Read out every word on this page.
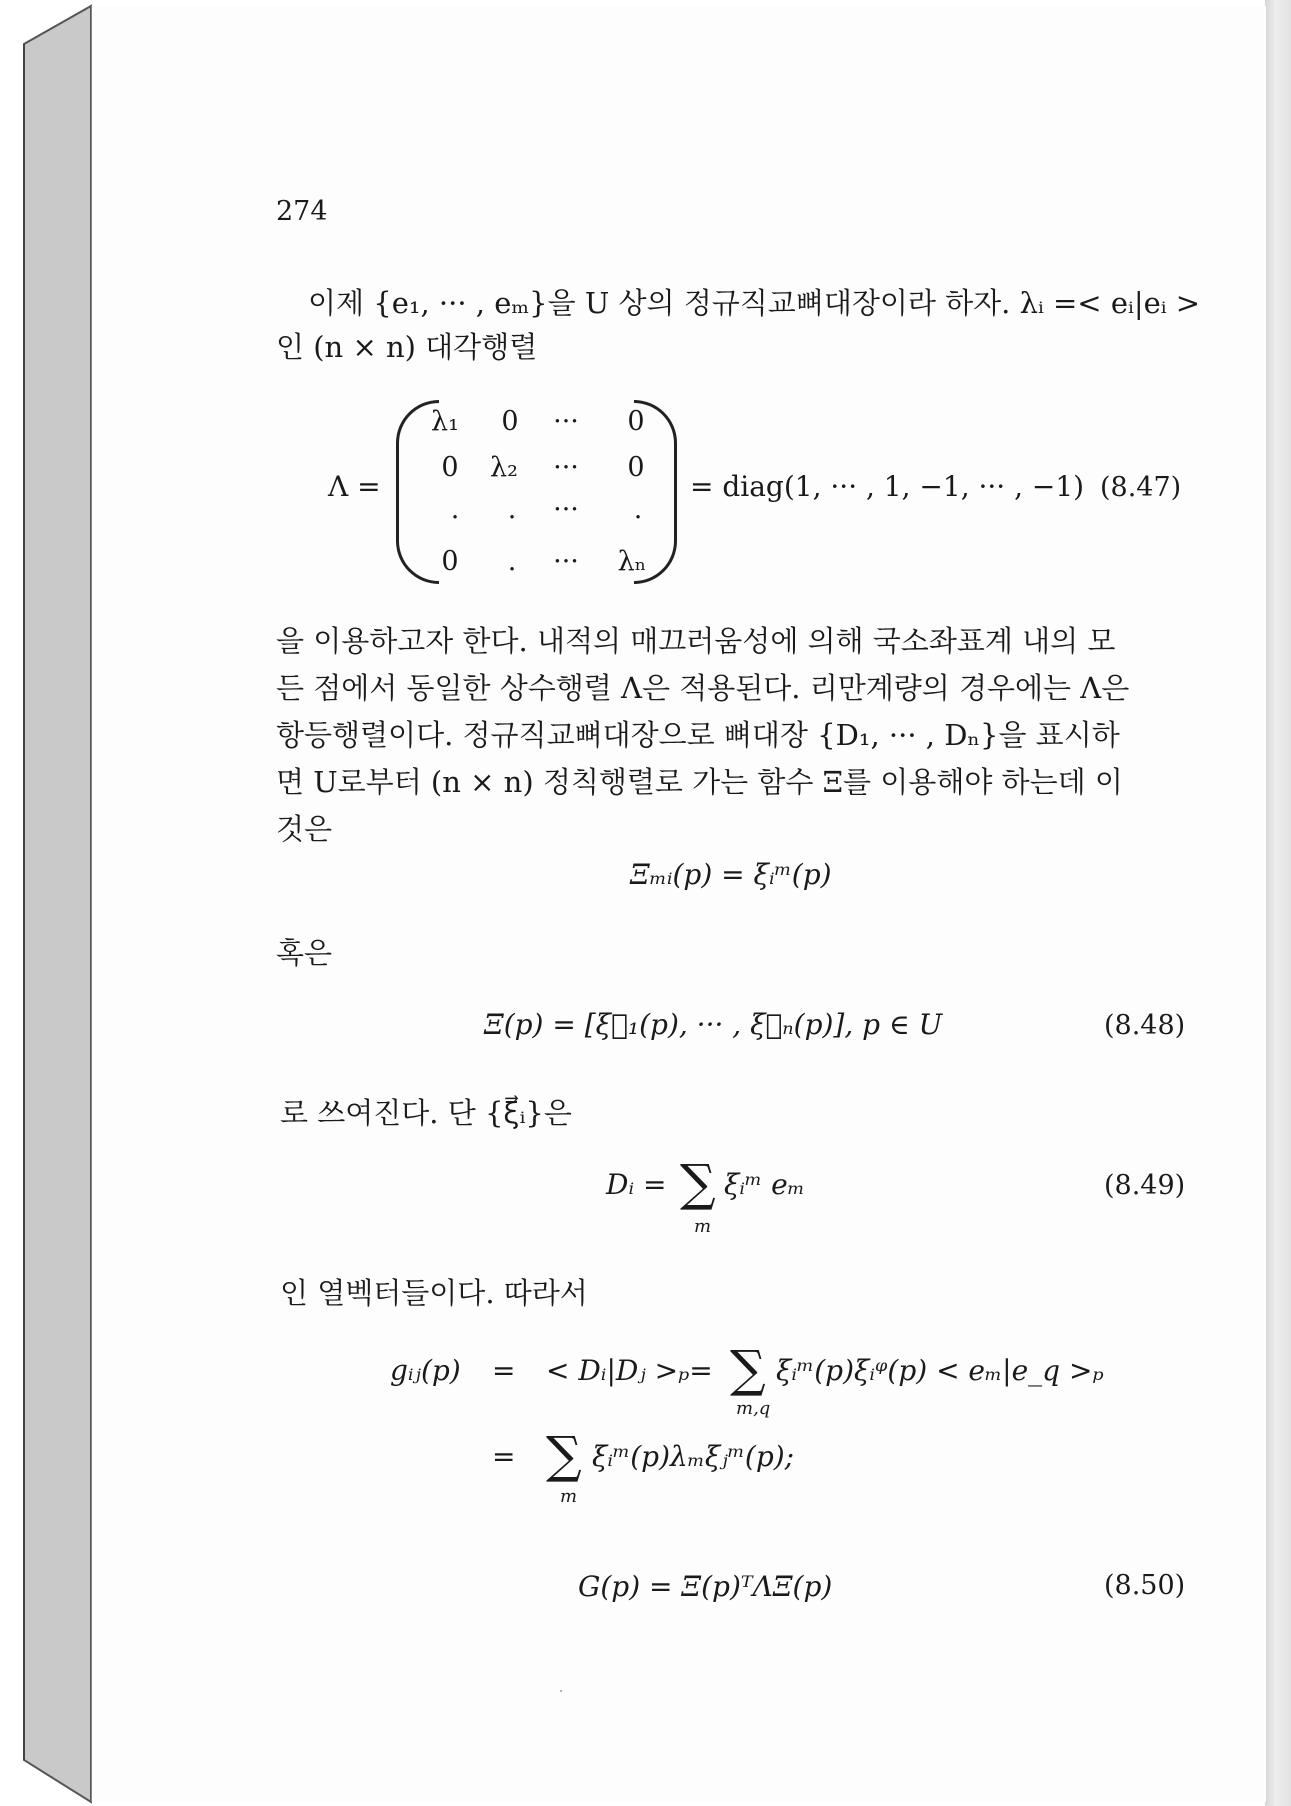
274
이제 {e₁, ··· , eₘ}을 U 상의 정규직교뼈대장이라 하자. λᵢ =< eᵢ|eᵢ >
인 (n × n) 대각행렬
Λ =
λ₁	0	···	0
0	λ₂	···	0
.	.	···	.
0	.	···	λₙ
= diag(1, ··· , 1, −1, ··· , −1) (8.47)
을 이용하고자 한다. 내적의 매끄러움성에 의해 국소좌표계 내의 모
든 점에서 동일한 상수행렬 Λ은 적용된다. 리만계량의 경우에는 Λ은
항등행렬이다. 정규직교뼈대장으로 뼈대장 {D₁, ··· , Dₙ}을 표시하
면 U로부터 (n × n) 정칙행렬로 가는 함수 Ξ를 이용해야 하는데 이
것은
Ξₘᵢ(p) = ξᵢᵐ(p)
혹은
Ξ(p) = [ξ⃗₁(p), ··· , ξ⃗ₙ(p)], p ∈ U	(8.48)
로 쓰여진다. 단 {ξ⃗ᵢ}은
Dᵢ = ∑
m
ξᵢᵐ eₘ	(8.49)
인 열벡터들이다. 따라서
gᵢⱼ(p) = < Dᵢ|Dⱼ >ₚ= ∑
m,q
ξᵢᵐ(p)ξᵢᵠ(p) < eₘ|e_q >ₚ
= ∑
m
ξᵢᵐ(p)λₘξⱼᵐ(p);
G(p) = Ξ(p)ᵀΛΞ(p)	(8.50)
